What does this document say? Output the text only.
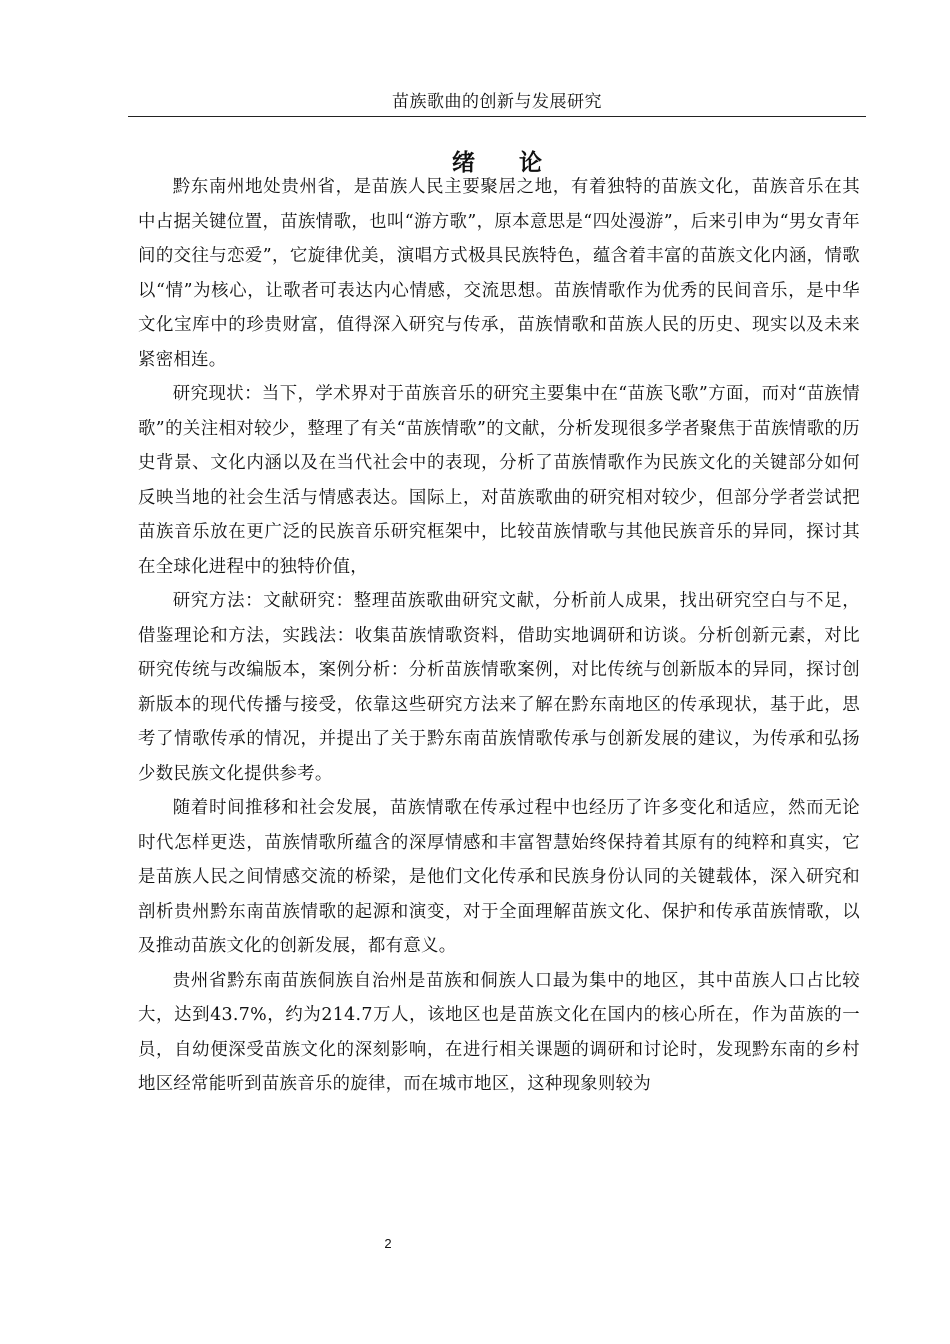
苗族歌曲的创新与发展研究
绪论

黔东南州地处贵州省，是苗族人民主要聚居之地，有着独特的苗族文化，苗族音乐在其中占据关键位置，苗族情歌，也叫“游方歌”，原本意思是“四处漫游”，后来引申为“男女青年间的交往与恋爱”，它旋律优美，演唱方式极具民族特色，蕴含着丰富的苗族文化内涵，情歌以“情”为核心，让歌者可表达内心情感，交流思想。苗族情歌作为优秀的民间音乐，是中华文化宝库中的珍贵财富，值得深入研究与传承，苗族情歌和苗族人民的历史、现实以及未来紧密相连。

研究现状：当下，学术界对于苗族音乐的研究主要集中在“苗族飞歌”方面，而对“苗族情歌”的关注相对较少，整理了有关“苗族情歌”的文献，分析发现很多学者聚焦于苗族情歌的历史背景、文化内涵以及在当代社会中的表现，分析了苗族情歌作为民族文化的关键部分如何反映当地的社会生活与情感表达。国际上，对苗族歌曲的研究相对较少，但部分学者尝试把苗族音乐放在更广泛的民族音乐研究框架中，比较苗族情歌与其他民族音乐的异同，探讨其在全球化进程中的独特价值，

研究方法：文献研究：整理苗族歌曲研究文献，分析前人成果，找出研究空白与不足，借鉴理论和方法，实践法：收集苗族情歌资料，借助实地调研和访谈。分析创新元素，对比研究传统与改编版本，案例分析：分析苗族情歌案例，对比传统与创新版本的异同，探讨创新版本的现代传播与接受，依靠这些研究方法来了解在黔东南地区的传承现状，基于此，思考了情歌传承的情况，并提出了关于黔东南苗族情歌传承与创新发展的建议，为传承和弘扬少数民族文化提供参考。

随着时间推移和社会发展，苗族情歌在传承过程中也经历了许多变化和适应，然而无论时代怎样更迭，苗族情歌所蕴含的深厚情感和丰富智慧始终保持着其原有的纯粹和真实，它是苗族人民之间情感交流的桥梁，是他们文化传承和民族身份认同的关键载体，深入研究和剖析贵州黔东南苗族情歌的起源和演变，对于全面理解苗族文化、保护和传承苗族情歌，以及推动苗族文化的创新发展，都有意义。

贵州省黔东南苗族侗族自治州是苗族和侗族人口最为集中的地区，其中苗族人口占比较大，达到43.7%，约为214.7万人，该地区也是苗族文化在国内的核心所在，作为苗族的一员，自幼便深受苗族文化的深刻影响，在进行相关课题的调研和讨论时，发现黔东南的乡村地区经常能听到苗族音乐的旋律，而在城市地区，这种现象则较为

2
